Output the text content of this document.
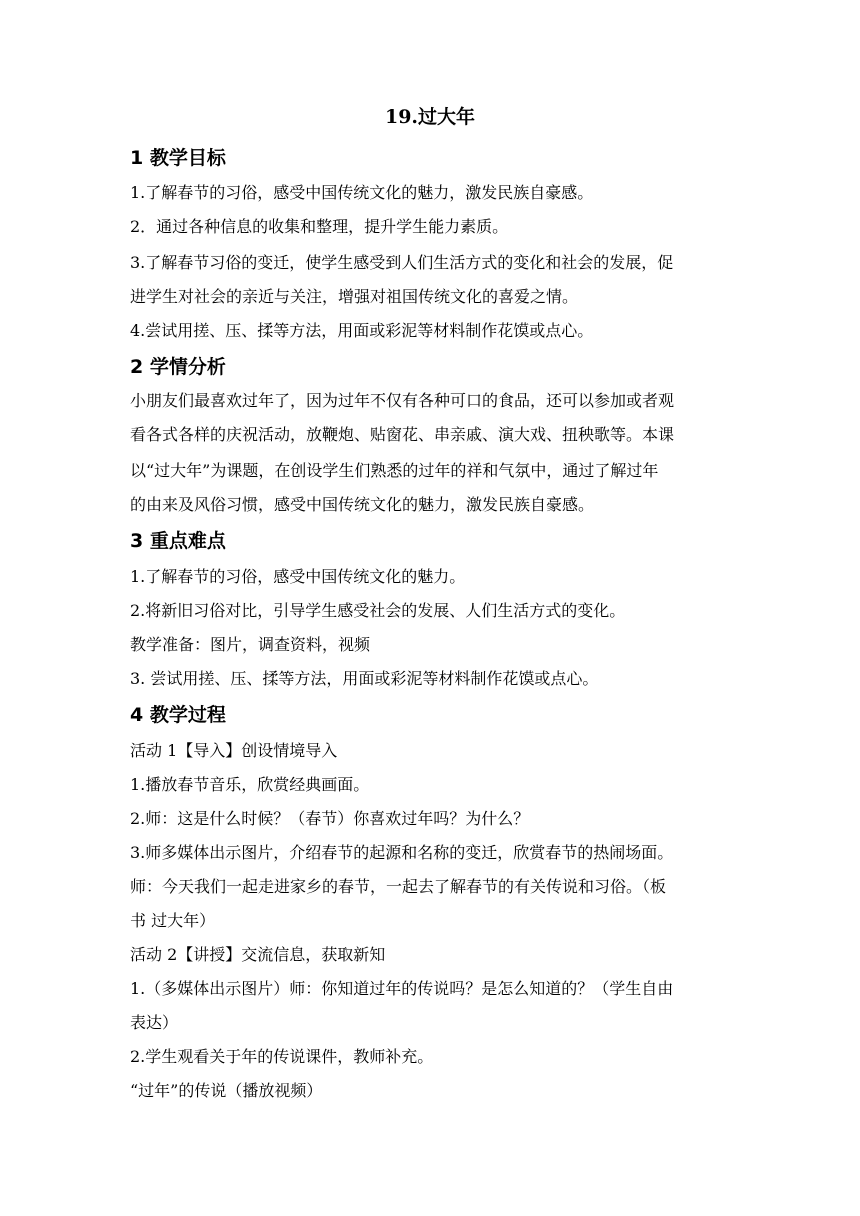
19.过大年
1 教学目标
1.了解春节的习俗，感受中国传统文化的魅力，激发民族自豪感。
2．通过各种信息的收集和整理，提升学生能力素质。
3.了解春节习俗的变迁，使学生感受到人们生活方式的变化和社会的发展，促
进学生对社会的亲近与关注，增强对祖国传统文化的喜爱之情。
4.尝试用搓、压、揉等方法，用面或彩泥等材料制作花馍或点心。
2 学情分析
小朋友们最喜欢过年了，因为过年不仅有各种可口的食品，还可以参加或者观
看各式各样的庆祝活动，放鞭炮、贴窗花、串亲戚、演大戏、扭秧歌等。本课
以“过大年”为课题，在创设学生们熟悉的过年的祥和气氛中，通过了解过年
的由来及风俗习惯，感受中国传统文化的魅力，激发民族自豪感。
3 重点难点
1.了解春节的习俗，感受中国传统文化的魅力。
2.将新旧习俗对比，引导学生感受社会的发展、人们生活方式的变化。
教学准备：图片，调查资料，视频
3. 尝试用搓、压、揉等方法，用面或彩泥等材料制作花馍或点心。
4 教学过程
活动 1【导入】创设情境导入
1.播放春节音乐，欣赏经典画面。
2.师：这是什么时候？（春节）你喜欢过年吗？为什么？
3.师多媒体出示图片，介绍春节的起源和名称的变迁，欣赏春节的热闹场面。
师：今天我们一起走进家乡的春节，一起去了解春节的有关传说和习俗。（板
书 过大年）
活动 2【讲授】交流信息，获取新知
1.（多媒体出示图片）师：你知道过年的传说吗？是怎么知道的？（学生自由
表达）
2.学生观看关于年的传说课件，教师补充。
“过年”的传说（播放视频）
